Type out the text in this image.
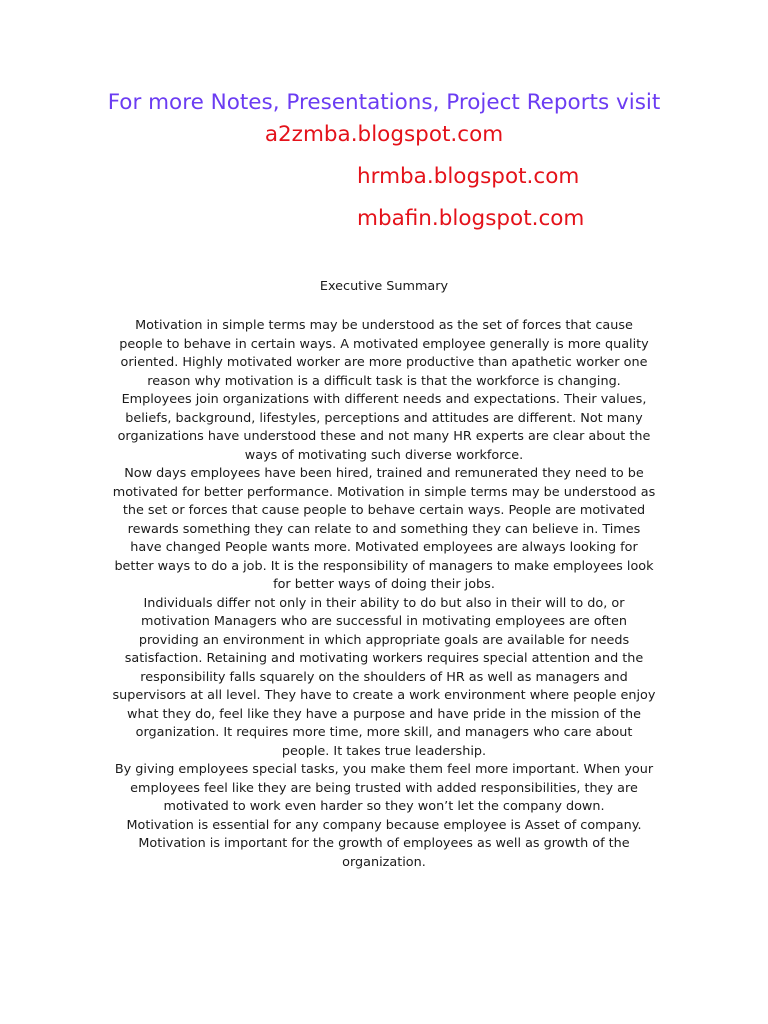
For more Notes, Presentations, Project Reports visit
a2zmba.blogspot.com
hrmba.blogspot.com
mbafin.blogspot.com
Executive Summary
Motivation in simple terms may be understood as the set of forces that cause
people to behave in certain ways. A motivated employee generally is more quality
oriented. Highly motivated worker are more productive than apathetic worker one
reason why motivation is a difficult task is that the workforce is changing.
Employees join organizations with different needs and expectations. Their values,
beliefs, background, lifestyles, perceptions and attitudes are different. Not many
organizations have understood these and not many HR experts are clear about the
ways of motivating such diverse workforce.
Now days employees have been hired, trained and remunerated they need to be
motivated for better performance. Motivation in simple terms may be understood as
the set or forces that cause people to behave certain ways. People are motivated
rewards something they can relate to and something they can believe in. Times
have changed People wants more. Motivated employees are always looking for
better ways to do a job. It is the responsibility of managers to make employees look
for better ways of doing their jobs.
Individuals differ not only in their ability to do but also in their will to do, or
motivation Managers who are successful in motivating employees are often
providing an environment in which appropriate goals are available for needs
satisfaction. Retaining and motivating workers requires special attention and the
responsibility falls squarely on the shoulders of HR as well as managers and
supervisors at all level. They have to create a work environment where people enjoy
what they do, feel like they have a purpose and have pride in the mission of the
organization. It requires more time, more skill, and managers who care about
people. It takes true leadership.
By giving employees special tasks, you make them feel more important. When your
employees feel like they are being trusted with added responsibilities, they are
motivated to work even harder so they won’t let the company down.
Motivation is essential for any company because employee is Asset of company.
Motivation is important for the growth of employees as well as growth of the
organization.
